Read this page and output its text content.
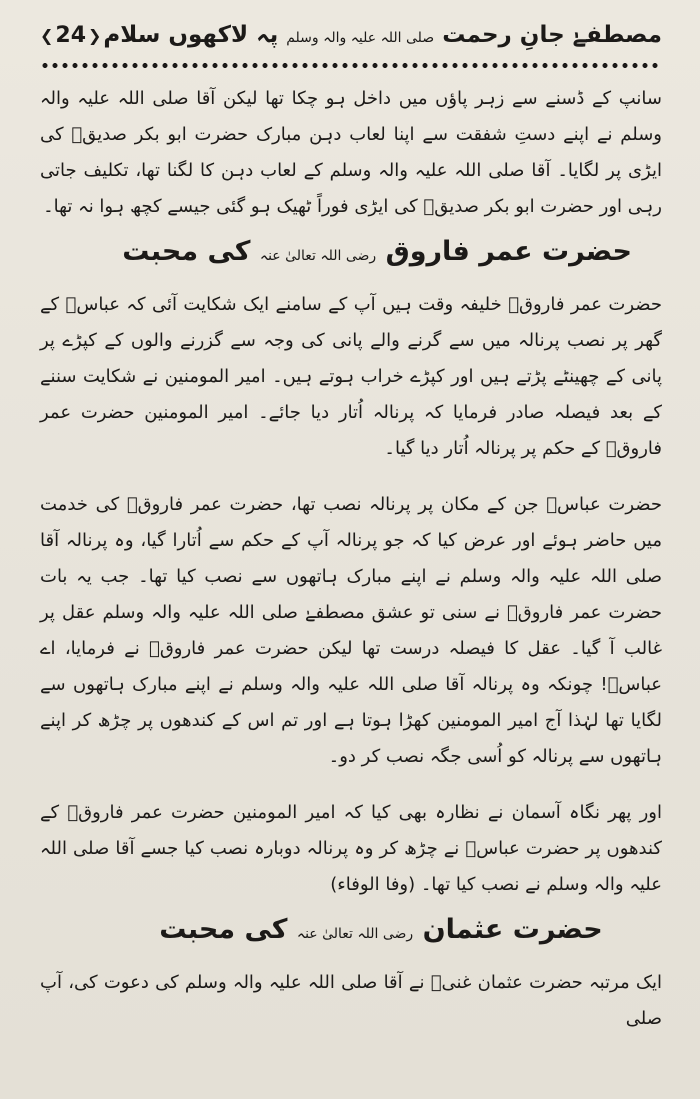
مصطفےٰ جانِ رحمت صلی اللہ علیہ والہ وسلم پہ لاکھوں سلام
❮ 24 ❯

سانپ کے ڈسنے سے زہر پاؤں میں داخل ہو چکا تھا لیکن آقا صلی اللہ علیہ والہ وسلم نے اپنے دستِ شفقت سے اپنا لعاب دہن مبارک حضرت ابو بکر صدیقؓ کی ایڑی پر لگایا۔ آقا صلی اللہ علیہ والہ وسلم کے لعاب دہن کا لگنا تھا، تکلیف جاتی رہی اور حضرت ابو بکر صدیقؓ کی ایڑی فوراً ٹھیک ہو گئی جیسے کچھ ہوا نہ تھا۔

حضرت عمر فاروق رضی اللہ تعالیٰ عنہ کی محبت

حضرت عمر فاروقؓ خلیفہ وقت ہیں آپ کے سامنے ایک شکایت آئی کہ عباسؓ کے گھر پر نصب پرنالہ میں سے گرنے والے پانی کی وجہ سے گزرنے والوں کے کپڑے پر پانی کے چھینٹے پڑتے ہیں اور کپڑے خراب ہوتے ہیں۔ امیر المومنین نے شکایت سننے کے بعد فیصلہ صادر فرمایا کہ پرنالہ اُتار دیا جائے۔ امیر المومنین حضرت عمر فاروقؓ کے حکم پر پرنالہ اُتار دیا گیا۔

حضرت عباسؓ جن کے مکان پر پرنالہ نصب تھا، حضرت عمر فاروقؓ کی خدمت میں حاضر ہوئے اور عرض کیا کہ جو پرنالہ آپ کے حکم سے اُتارا گیا، وہ پرنالہ آقا صلی اللہ علیہ والہ وسلم نے اپنے مبارک ہاتھوں سے نصب کیا تھا۔ جب یہ بات حضرت عمر فاروقؓ نے سنی تو عشق مصطفےٰ صلی اللہ علیہ والہ وسلم عقل پر غالب آ گیا۔ عقل کا فیصلہ درست تھا لیکن حضرت عمر فاروقؓ نے فرمایا، اے عباسؓ! چونکہ وہ پرنالہ آقا صلی اللہ علیہ والہ وسلم نے اپنے مبارک ہاتھوں سے لگایا تھا لہٰذا آج امیر المومنین کھڑا ہوتا ہے اور تم اس کے کندھوں پر چڑھ کر اپنے ہاتھوں سے پرنالہ کو اُسی جگہ نصب کر دو۔

اور پھر نگاہ آسمان نے نظارہ بھی کیا کہ امیر المومنین حضرت عمر فاروقؓ کے کندھوں پر حضرت عباسؓ نے چڑھ کر وہ پرنالہ دوبارہ نصب کیا جسے آقا صلی اللہ علیہ والہ وسلم نے نصب کیا تھا۔ (وفا الوفاء)

حضرت عثمان رضی اللہ تعالیٰ عنہ کی محبت

ایک مرتبہ حضرت عثمان غنیؓ نے آقا صلی اللہ علیہ والہ وسلم کی دعوت کی، آپ صلی
